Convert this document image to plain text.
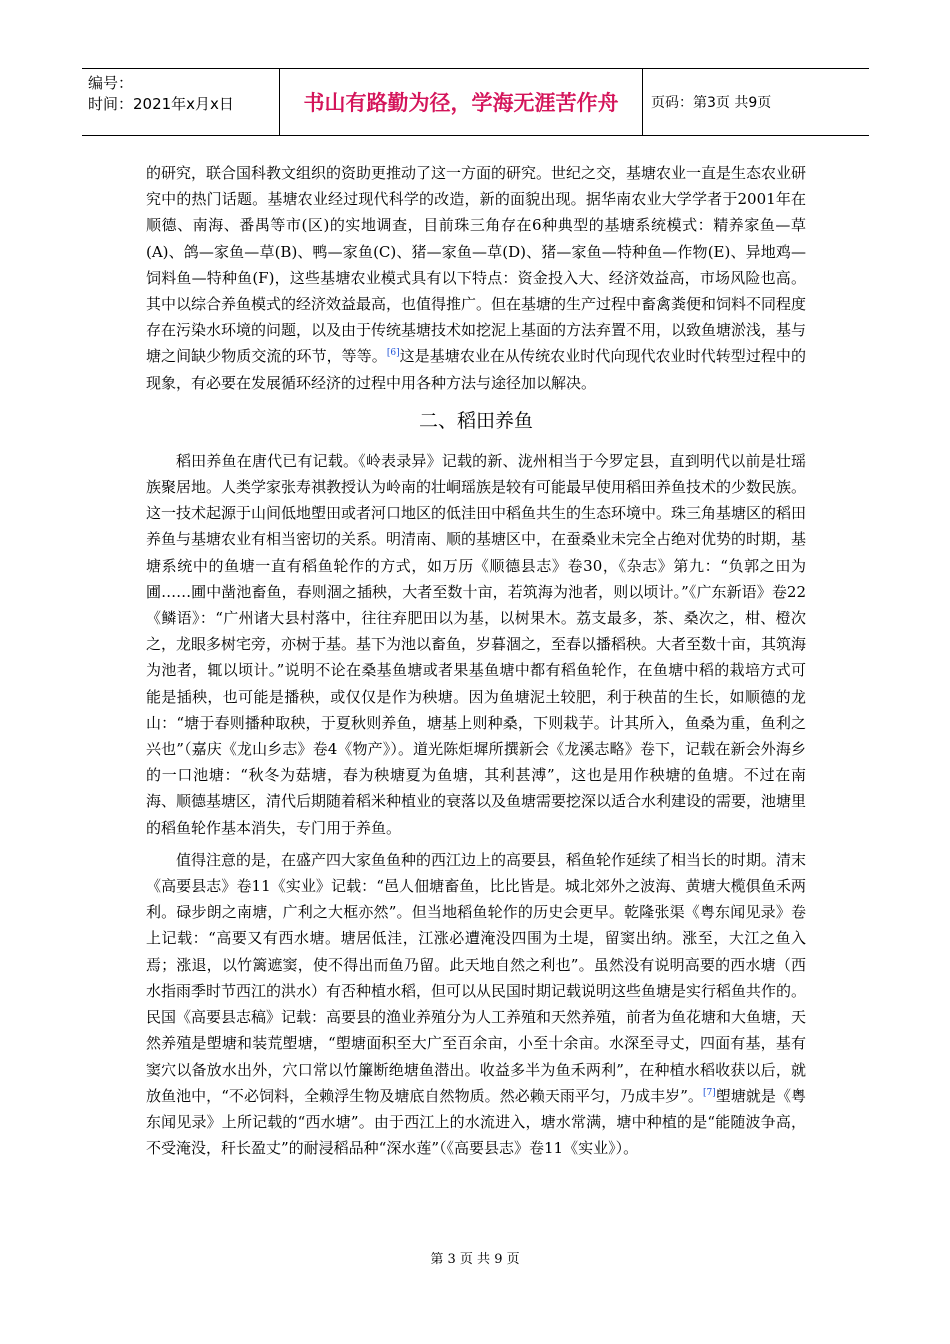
编号：
时间：2021年x月x日	书山有路勤为径，学海无涯苦作舟	页码：第3页 共9页

的研究，联合国科教文组织的资助更推动了这一方面的研究。世纪之交，基塘农业一直是生态农业研究中的热门话题。基塘农业经过现代科学的改造，新的面貌出现。据华南农业大学学者于2001年在顺德、南海、番禺等市(区)的实地调查，目前珠三角存在6种典型的基塘系统模式：精养家鱼—草(A)、鸽—家鱼—草(B)、鸭—家鱼(C)、猪—家鱼—草(D)、猪—家鱼—特种鱼—作物(E)、异地鸡—饲料鱼—特种鱼(F)，这些基塘农业模式具有以下特点：资金投入大、经济效益高，市场风险也高。其中以综合养鱼模式的经济效益最高，也值得推广。但在基塘的生产过程中畜禽粪便和饲料不同程度存在污染水环境的问题，以及由于传统基塘技术如挖泥上基面的方法弃置不用，以致鱼塘淤浅，基与塘之间缺少物质交流的环节，等等。[6]这是基塘农业在从传统农业时代向现代农业时代转型过程中的现象，有必要在发展循环经济的过程中用各种方法与途径加以解决。

二、稻田养鱼

稻田养鱼在唐代已有记载。《岭表录异》记载的新、泷州相当于今罗定县，直到明代以前是壮瑶族聚居地。人类学家张寿祺教授认为岭南的壮峒瑶族是较有可能最早使用稻田养鱼技术的少数民族。这一技术起源于山间低地塱田或者河口地区的低洼田中稻鱼共生的生态环境中。珠三角基塘区的稻田养鱼与基塘农业有相当密切的关系。明清南、顺的基塘区中，在蚕桑业未完全占绝对优势的时期，基塘系统中的鱼塘一直有稻鱼轮作的方式，如万历《顺德县志》卷30，《杂志》第九：“负郭之田为圃……圃中凿池畜鱼，春则涸之插秧，大者至数十亩，若筑海为池者，则以顷计。”《广东新语》卷22《鳞语》：“广州诸大县村落中，往往弃肥田以为基，以树果木。荔支最多，茶、桑次之，柑、橙次之，龙眼多树宅旁，亦树于基。基下为池以畜鱼，岁暮涸之，至春以播稻秧。大者至数十亩，其筑海为池者，辄以顷计。”说明不论在桑基鱼塘或者果基鱼塘中都有稻鱼轮作，在鱼塘中稻的栽培方式可能是插秧，也可能是播秧，或仅仅是作为秧塘。因为鱼塘泥土较肥，利于秧苗的生长，如顺德的龙山：“塘于春则播种取秧，于夏秋则养鱼，塘基上则种桑，下则栽芋。计其所入，鱼桑为重，鱼利之兴也”（嘉庆《龙山乡志》卷4《物产》）。道光陈炬墀所撰新会《龙溪志略》卷下，记载在新会外海乡的一口池塘：“秋冬为菇塘，春为秧塘夏为鱼塘，其利甚溥”，这也是用作秧塘的鱼塘。不过在南海、顺德基塘区，清代后期随着稻米种植业的衰落以及鱼塘需要挖深以适合水利建设的需要，池塘里的稻鱼轮作基本消失，专门用于养鱼。

值得注意的是，在盛产四大家鱼鱼种的西江边上的高要县，稻鱼轮作延续了相当长的时期。清末《高要县志》卷11《实业》记载：“邑人佃塘畜鱼，比比皆是。城北郊外之波海、黄塘大榄俱鱼禾两利。碌步朗之南塘，广利之大框亦然”。但当地稻鱼轮作的历史会更早。乾隆张渠《粤东闻见录》卷上记载：“高要又有西水塘。塘居低洼，江涨必遭淹没四围为土堤，留窦出纳。涨至，大江之鱼入焉；涨退，以竹篱遮窦，使不得出而鱼乃留。此天地自然之利也”。虽然没有说明高要的西水塘（西水指雨季时节西江的洪水）有否种植水稻，但可以从民国时期记载说明这些鱼塘是实行稻鱼共作的。民国《高要县志稿》记载：高要县的渔业养殖分为人工养殖和天然养殖，前者为鱼花塘和大鱼塘，天然养殖是塱塘和装荒塱塘，“塱塘面积至大广至百余亩，小至十余亩。水深至寻丈，四面有基，基有窦穴以备放水出外，穴口常以竹簾断绝塘鱼潜出。收益多半为鱼禾两利”，在种植水稻收获以后，就放鱼池中，“不必饲料，全赖浮生物及塘底自然物质。然必赖天雨平匀，乃成丰岁”。[7]塱塘就是《粤东闻见录》上所记载的“西水塘”。由于西江上的水流进入，塘水常满，塘中种植的是“能随波争高，不受淹没，秆长盈丈”的耐浸稻品种“深水莲”（《高要县志》卷11《实业》）。

第 3 页 共 9 页
